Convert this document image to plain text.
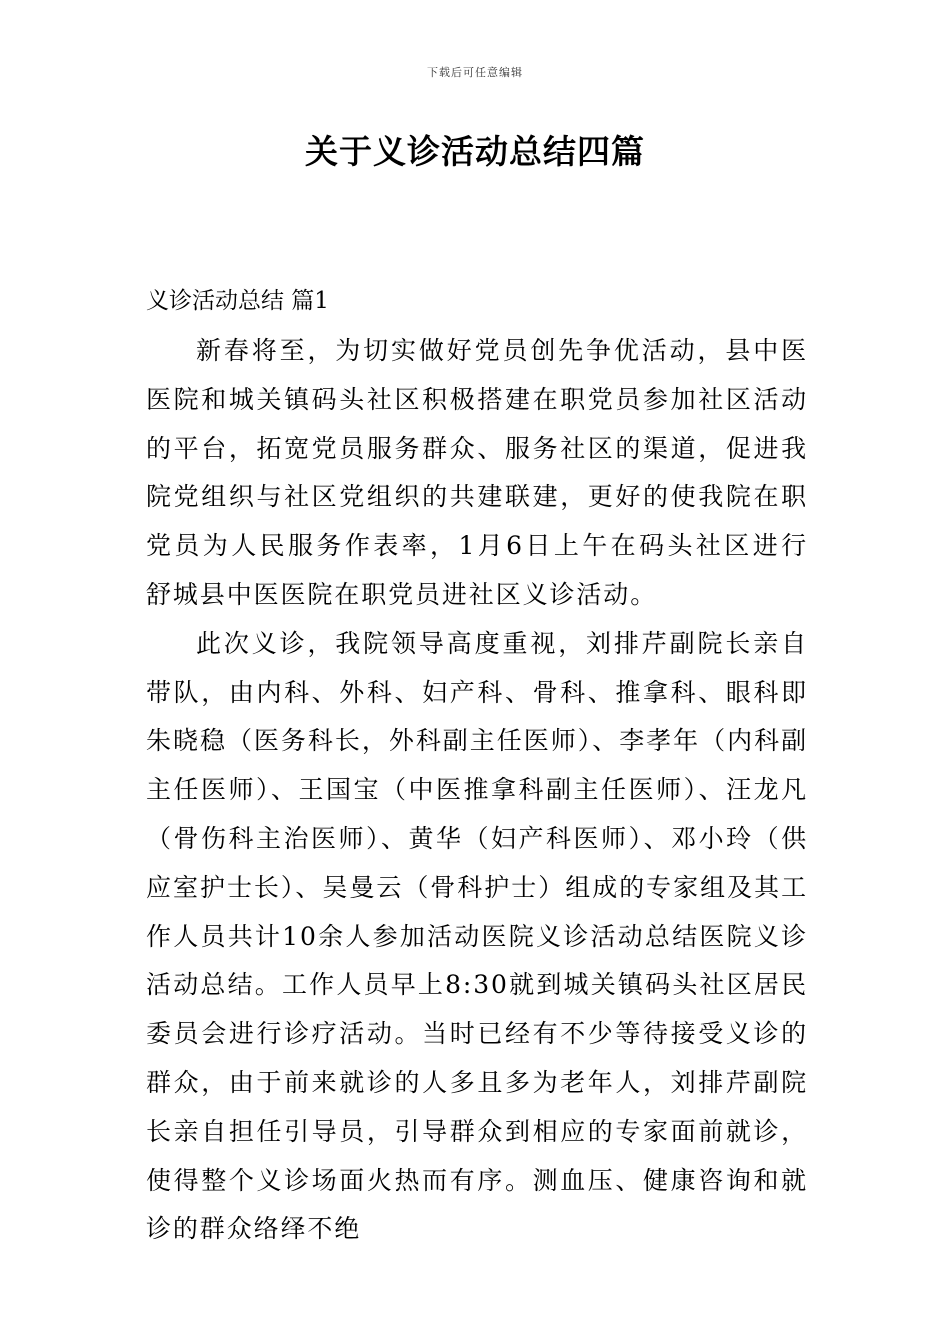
下载后可任意编辑
关于义诊活动总结四篇
义诊活动总结 篇1

新春将至，为切实做好党员创先争优活动，县中医医院和城关镇码头社区积极搭建在职党员参加社区活动的平台，拓宽党员服务群众、服务社区的渠道，促进我院党组织与社区党组织的共建联建，更好的使我院在职党员为人民服务作表率，1月6日上午在码头社区进行 舒城县中医医院在职党员进社区义诊活动。

此次义诊，我院领导高度重视，刘排芹副院长亲自带队，由内科、外科、妇产科、骨科、推拿科、眼科即朱晓稳（医务科长，外科副主任医师）、李孝年（内科副主任医师）、王国宝（中医推拿科副主任医师）、汪龙凡（骨伤科主治医师）、黄华（妇产科医师）、邓小玲（供应室护士长）、吴曼云（骨科护士）组成的专家组及其工作人员共计10余人参加活动医院义诊活动总结医院义诊活动总结。工作人员早上8:30就到城关镇码头社区居民委员会进行诊疗活动。当时已经有不少等待接受义诊的群众，由于前来就诊的人多且多为老年人，刘排芹副院长亲自担任引导员，引导群众到相应的专家面前就诊，使得整个义诊场面火热而有序。测血压、健康咨询和就诊的群众络绎不绝
